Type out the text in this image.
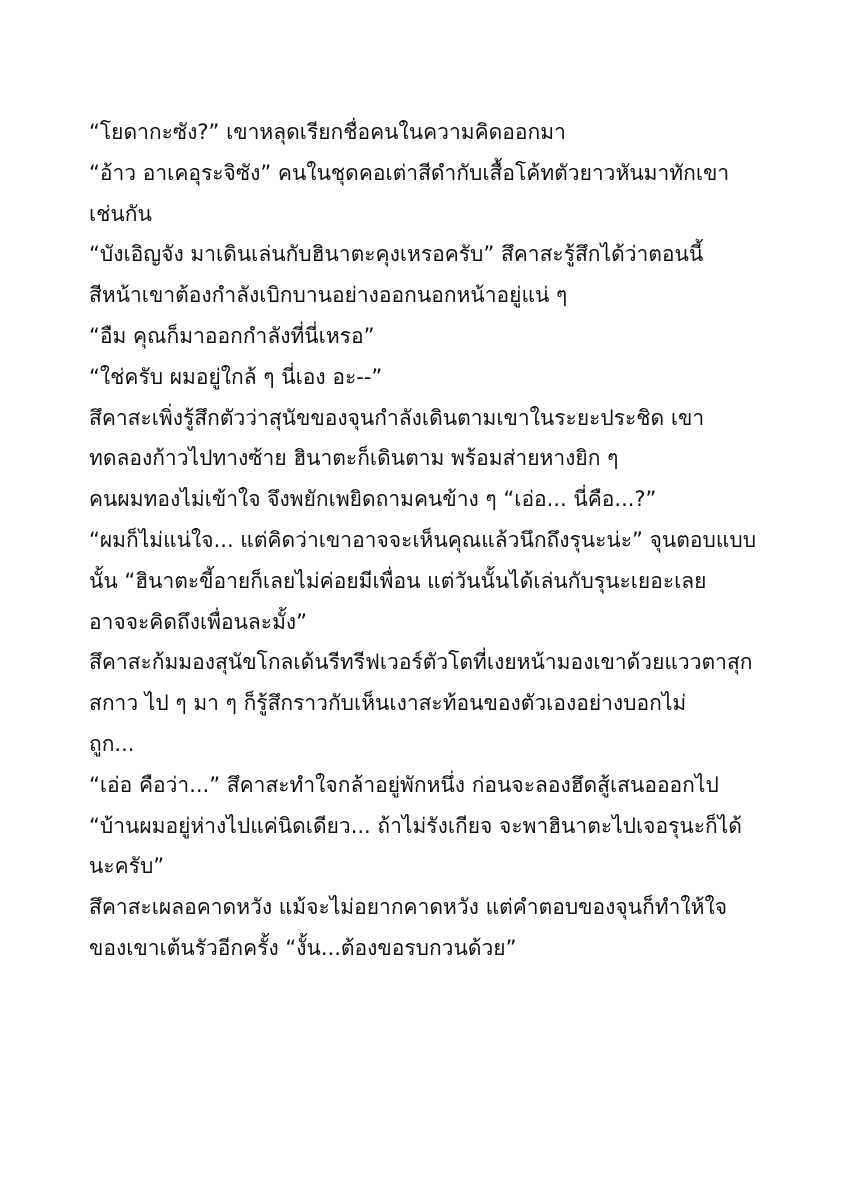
“โยดากะซัง?” เขาหลุดเรียกชื่อคนในความคิดออกมา
“อ้าว อาเคอุระจิซัง” คนในชุดคอเต่าสีดำกับเสื้อโค้ทตัวยาวหันมาทักเขา
เช่นกัน
“บังเอิญจัง มาเดินเล่นกับฮินาตะคุงเหรอครับ” สึคาสะรู้สึกได้ว่าตอนนี้
สีหน้าเขาต้องกำลังเบิกบานอย่างออกนอกหน้าอยู่แน่ ๆ
“อืม คุณก็มาออกกำลังที่นี่เหรอ”
“ใช่ครับ ผมอยู่ใกล้ ๆ นี่เอง อะ--”
สึคาสะเพิ่งรู้สึกตัวว่าสุนัขของจุนกำลังเดินตามเขาในระยะประชิด เขา
ทดลองก้าวไปทางซ้าย ฮินาตะก็เดินตาม พร้อมส่ายหางยิก ๆ
คนผมทองไม่เข้าใจ จึงพยักเพยิดถามคนข้าง ๆ “เอ่อ... นี่คือ...?”
“ผมก็ไม่แน่ใจ... แต่คิดว่าเขาอาจจะเห็นคุณแล้วนึกถึงรุนะน่ะ” จุนตอบแบบ
นั้น “ฮินาตะขี้อายก็เลยไม่ค่อยมีเพื่อน แต่วันนั้นได้เล่นกับรุนะเยอะเลย
อาจจะคิดถึงเพื่อนละมั้ง”
สึคาสะก้มมองสุนัขโกลเด้นรีทรีฟเวอร์ตัวโตที่เงยหน้ามองเขาด้วยแววตาสุก
สกาว ไป ๆ มา ๆ ก็รู้สึกราวกับเห็นเงาสะท้อนของตัวเองอย่างบอกไม่
ถูก...
“เอ่อ คือว่า...” สึคาสะทำใจกล้าอยู่พักหนึ่ง ก่อนจะลองฮึดสู้เสนอออกไป
“บ้านผมอยู่ห่างไปแค่นิดเดียว... ถ้าไม่รังเกียจ จะพาฮินาตะไปเจอรุนะก็ได้
นะครับ”
สึคาสะเผลอคาดหวัง แม้จะไม่อยากคาดหวัง แต่คำตอบของจุนก็ทำให้ใจ
ของเขาเต้นรัวอีกครั้ง “งั้น...ต้องขอรบกวนด้วย”
